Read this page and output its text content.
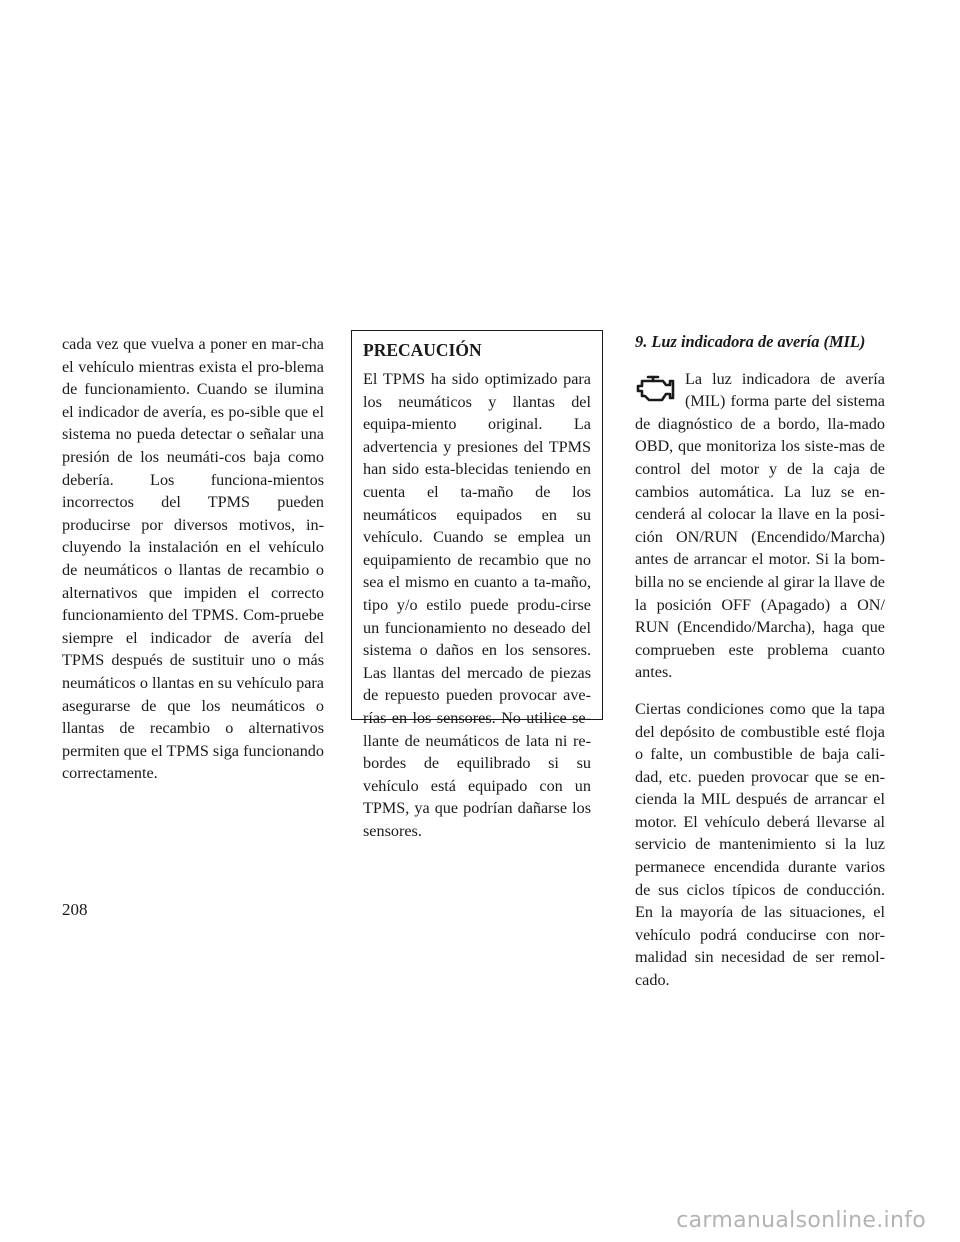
cada vez que vuelva a poner en mar-cha el vehículo mientras exista el pro-blema de funcionamiento. Cuando se ilumina el indicador de avería, es po-sible que el sistema no pueda detectar o señalar una presión de los neumáti-cos baja como debería. Los funciona-mientos incorrectos del TPMS pueden producirse por diversos motivos, in-cluyendo la instalación en el vehículo de neumáticos o llantas de recambio o alternativos que impiden el correcto funcionamiento del TPMS. Com-pruebe siempre el indicador de avería del TPMS después de sustituir uno o más neumáticos o llantas en su vehículo para asegurarse de que los neumáticos o llantas de recambio o alternativos permiten que el TPMS siga funcionando correctamente.

PRECAUCIÓN

El TPMS ha sido optimizado para los neumáticos y llantas del equipa-miento original. La advertencia y presiones del TPMS han sido esta-blecidas teniendo en cuenta el ta-maño de los neumáticos equipados en su vehículo. Cuando se emplea un equipamiento de recambio que no sea el mismo en cuanto a ta-maño, tipo y/o estilo puede produ-cirse un funcionamiento no deseado del sistema o daños en los sensores. Las llantas del mercado de piezas de repuesto pueden provocar ave-rías en los sensores. No utilice se-llante de neumáticos de lata ni re-bordes de equilibrado si su vehículo está equipado con un TPMS, ya que podrían dañarse los sensores.

9. Luz indicadora de avería (MIL)

La luz indicadora de avería (MIL) forma parte del sistema de diagnóstico de a bordo, lla-mado OBD, que monitoriza los siste-mas de control del motor y de la caja de cambios automática. La luz se en-cenderá al colocar la llave en la posi-ción ON/RUN (Encendido/Marcha) antes de arrancar el motor. Si la bom-billa no se enciende al girar la llave de la posición OFF (Apagado) a ON/ RUN (Encendido/Marcha), haga que comprueben este problema cuanto antes.

Ciertas condiciones como que la tapa del depósito de combustible esté floja o falte, un combustible de baja cali-dad, etc. pueden provocar que se en-cienda la MIL después de arrancar el motor. El vehículo deberá llevarse al servicio de mantenimiento si la luz permanece encendida durante varios de sus ciclos típicos de conducción. En la mayoría de las situaciones, el vehículo podrá conducirse con nor-malidad sin necesidad de ser remol-cado.

208
carmanualsonline.info
